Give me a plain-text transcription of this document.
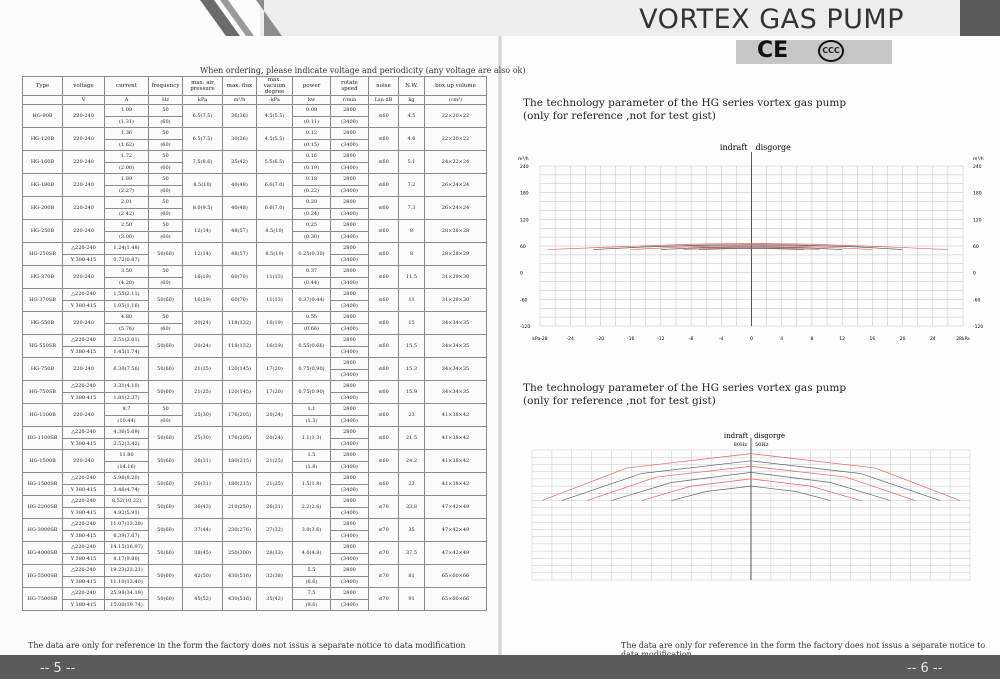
VORTEX GAS PUMP
CE	CCC
When ordering, please indicate voltage and periodicity (any voltage are also ok)
Type	voltage	current	frequency	max. air pressure	max. flux	max. vacuum degree	power	rotate speed	noise	N.W.	box up volume
	V	A	Hz	kPa	m³/h	-kPa	kw	r/min	Lsn dB	kg	(cm³)
HG-90B	220-240	1.09	50	6.5(7.5)	36(36)	4.5(5.5)	0.09	2800	≤60	4.5	22×20×22
		(1.31)	(60)				(0.11)	(3400)			
HG-120B	220-240	1.36	50	6.5(7.5)	30(36)	4.5(5.5)	0.12	2800	≤60	4.6	22×20×22
		(1.62)	(60)				(0.15)	(3400)			
HG-160B	220-240	1.72	50	7.5(8.6)	35(42)	5.5(6.5)	0.16	2800	≤60	5.1	24×22×24
		(2.00)	(60)				(0.19)	(3400)			
HG-180B	220-240	1.89	50	8.5(10)	40(48)	6.6(7.0)	0.18	2800	≤60	7.2	26×24×24
		(2.27)	(60)				(0.22)	(3400)			
HG-200B	220-240	2.01	50	8.0(9.5)	40(48)	6.6(7.0)	0.20	2800	≤60	7.3	26×24×24
		(2.42)	(60)				(0.24)	(3400)			
HG-250B	220-240	2.50	50	12(14)	48(57)	8.5(10)	0.25	2800	≤60	8	28×28×28
		(3.00)	(60)				(0.30)	(3400)			
HG-250SB	△220-240	1.24(1.48)	50(60)	12(14)	48(57)	8.5(10)	0.25(0.30)	2800	≤60	8	28×28×29
	Y 380-415	0.72(0.87)						(3400)			
HG-370B	220-240	3.50	50	16(19)	60(70)	11(13)	0.37	2800	≤60	11.5	31×29×30
		(4.20)	(60)				(0.44)	(3400)			
HG-370SB	△220-240	1.55(2.11)	50(60)	16(19)	60(70)	11(13)	0.37(0.44)	2800	≤60	11	31×29×30
	Y 380-415	1.05(1.16)						(3400)			
HG-550B	220-240	4.80	50	20(24)	118(132)	16(19)	0.55	2800	≤60	15	34×34×35
		(5.76)	(60)				(0.66)	(3400)			
HG-550SB	△220-240	2.51(3.01)	50(60)	20(24)	118(132)	16(19)	0.55(0.66)	2800	≤60	15.5	34×34×35
	Y 380-415	1.45(1.74)						(3400)			
HG-750B	220-240	6.30(7.56)	50(60)	21(25)	120(145)	17(20)	0.75(0.90)	2800	≤60	15.3	34×34×35
								(3400)			
HG-750SB	△220-240	3.31(4.10)	50(60)	21(25)	120(145)	17(20)	0.75(0.90)	2800	≤60	15.9	34×34×35
	Y 380-415	1.81(2.37)						(3400)			
HG-1100B	220-240	8.7	50	25(30)	176(205)	20(24)	1.1	2800	≤60	23	41×38×42
		(10.44)	(60)				(1.3)	(3400)			
HG-1100SB	△220-240	4.36(5.69)	50(60)	25(30)	176(205)	20(24)	1.1(1.3)	2800	≤60	21.5	41×38×42
	Y 380-415	2.52(3.42)						(3400)			
HG-1500B	220-240	11.80	50(60)	26(31)	180(215)	21(25)	1.5	2800	≤60	24.2	41×38×42
		(14.16)					(1.8)	(3400)			
HG-1500SB	△220-240	5.96(8.20)	50(60)	26(31)	180(215)	21(25)	1.5(1.8)	2800	≤60	23	41×38×42
	Y 380-415	3.46(4.74)						(3400)			
HG-2200SB	△220-240	8.52(10.22)	50(60)	36(43)	210(250)	26(31)	2.2(2.6)	2800	≤70	33.8	47×42×49
	Y 380-415	4.92(5.91)						(3400)			
HG-3000SB	△220-240	11.07(13.29)	50(60)	37(44)	230(276)	27(32)	3.0(3.6)	2800	≤70	35	47×42×49
	Y 380-415	6.39(7.67)						(3400)			
HG-4000SB	△220-240	14.15(16.97)	50(60)	38(45)	250(300)	28(33)	4.0(4.8)	2800	≤70	37.5	47×42×49
	Y 380-415	8.17(9.80)						(3400)			
HG-5500SB	△220-240	19.23(23.21)	50(60)	42(50)	430(516)	32(38)	5.5	2800	≤70	81	65×60×66
	Y 380-415	11.10(13.40)					(6.6)	(3400)			
HG-7500SB	△220-240	25.98(34.19)	50(60)	45(52)	430(516)	35(42)	7.5	2800	≤70	91	65×60×66
	Y 380-415	15.00(19.74)					(9.0)	(3400)			
The technology parameter of the HG series vortex gas pump
(only for reference ,not for test gist)
indraft disgorge
m³/h	m³/h
240	240
180	180
120	120
60	60
0	0
-60	-60
-120	-120
kPa-28	-24	-20	-16	-12	-8	-4	0	4	8	12	16	20	24	28kPa
The technology parameter of the HG series vortex gas pump
(only for reference ,not for test gist)
indraft disgorge
80Hz 50Hz
The data are only for reference in the form the factory does not issus a separate notice to data modification	The data are only for reference in the form the factory does not issus a separate notice to
-- 5 --	-- 6 --
